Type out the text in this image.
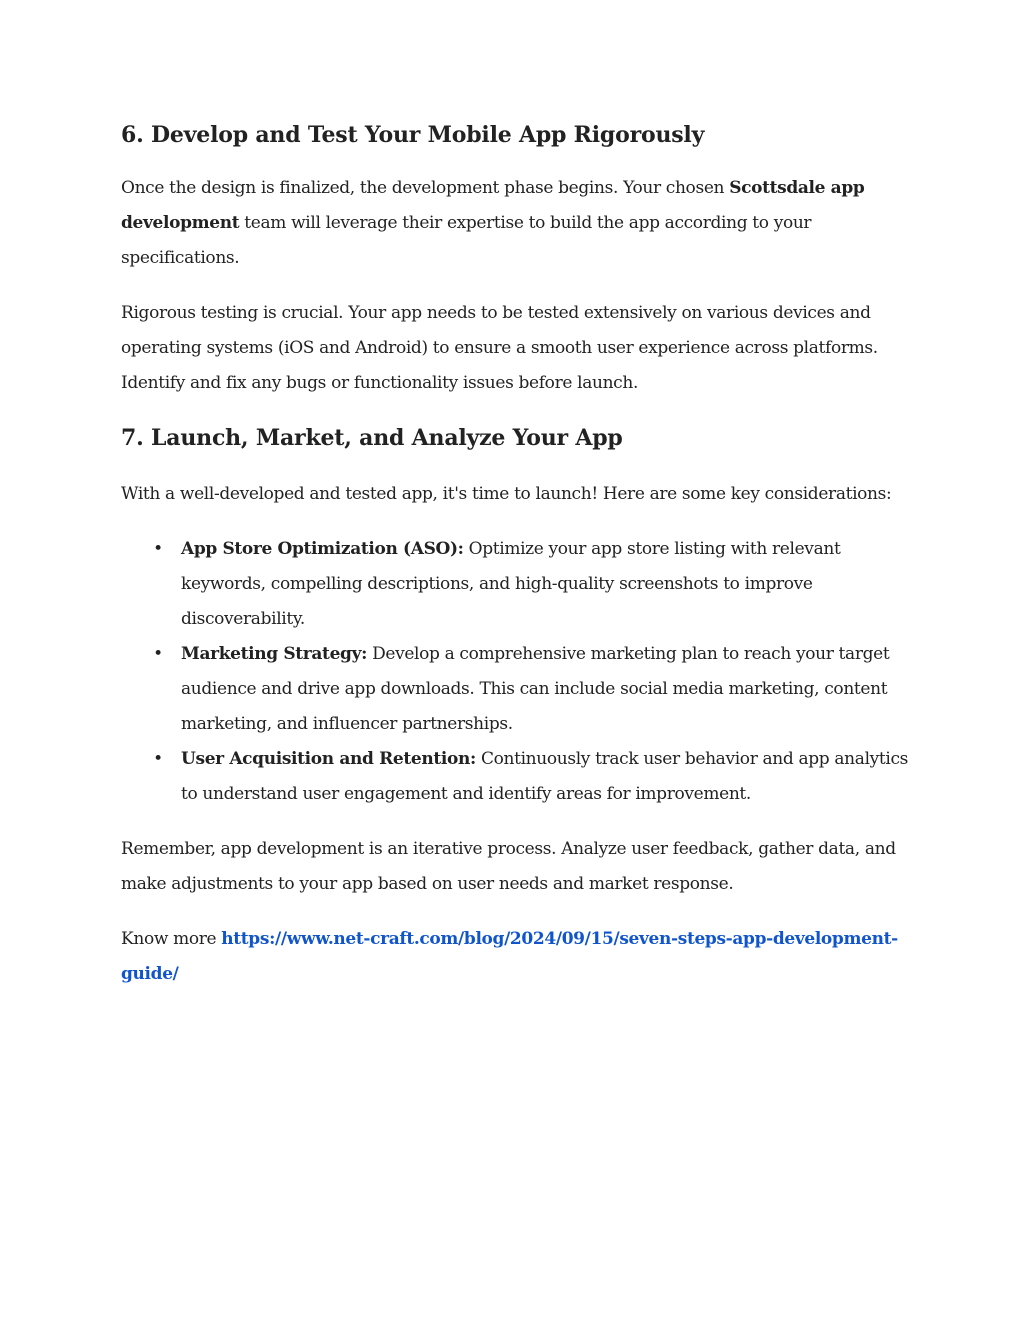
6. Develop and Test Your Mobile App Rigorously

Once the design is finalized, the development phase begins. Your chosen Scottsdale app development team will leverage their expertise to build the app according to your specifications.

Rigorous testing is crucial. Your app needs to be tested extensively on various devices and operating systems (iOS and Android) to ensure a smooth user experience across platforms. Identify and fix any bugs or functionality issues before launch.

7. Launch, Market, and Analyze Your App

With a well-developed and tested app, it's time to launch! Here are some key considerations:

• App Store Optimization (ASO): Optimize your app store listing with relevant keywords, compelling descriptions, and high-quality screenshots to improve discoverability.
• Marketing Strategy: Develop a comprehensive marketing plan to reach your target audience and drive app downloads. This can include social media marketing, content marketing, and influencer partnerships.
• User Acquisition and Retention: Continuously track user behavior and app analytics to understand user engagement and identify areas for improvement.

Remember, app development is an iterative process. Analyze user feedback, gather data, and make adjustments to your app based on user needs and market response.

Know more https://www.net-craft.com/blog/2024/09/15/seven-steps-app-development-guide/
